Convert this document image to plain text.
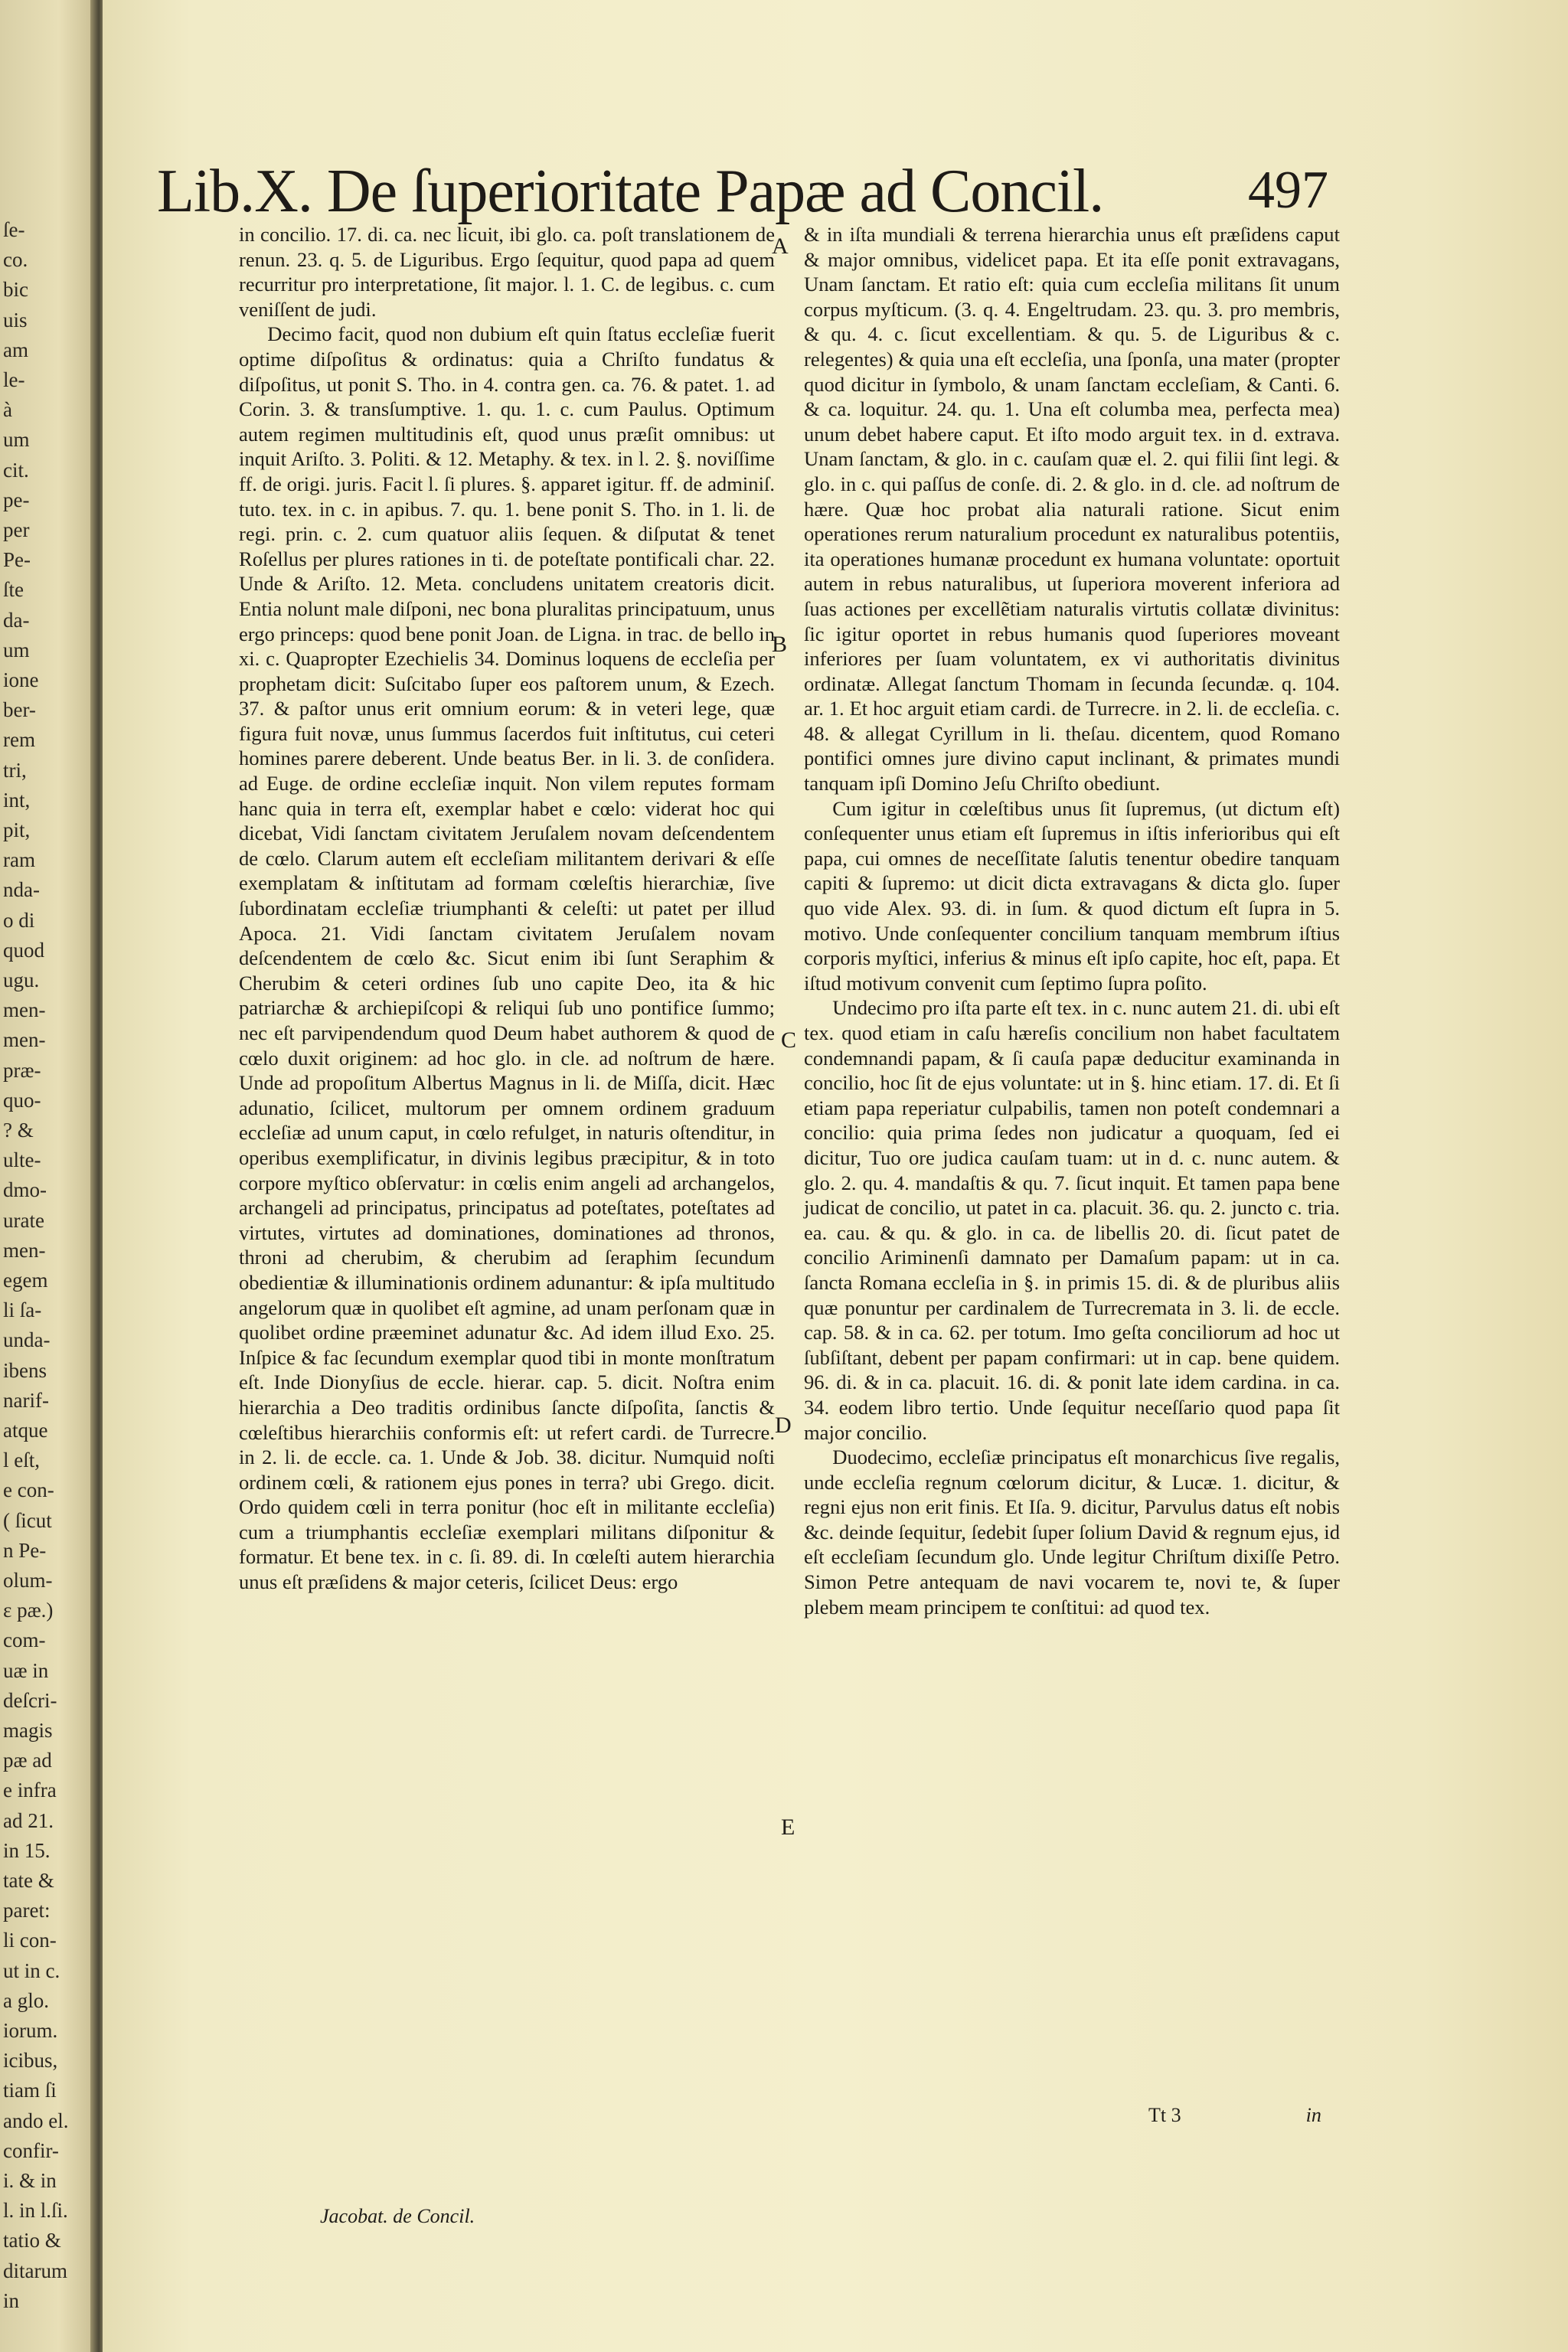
ſe-
co.
bic
uis
am
le-
à
um
cit.
pe-
per
Pe-
ſte
da-
um
ione
ber-
rem
tri,
int,
pit,
ram
nda-
o di
quod
ugu.
men-
men-
præ-
quo-
? &
ulte-
dmo-
urate
men-
egem
li ſa-
unda-
ibens
narif-
atque
l eſt,
e con-
( ſicut
n Pe-
olum-
ɛ pæ.)
com-
uæ in
deſcri-
magis
pæ ad
e infra
ad 21.
in 15.
tate &
paret:
li con-
ut in c.
a glo.
iorum.
icibus,
tiam ſi
ando el.
confir-
i. & in
l. in l.ſi.
tatio &
ditarum
in
Lib.X. De ſuperioritate Papæ ad Concil.	497

in concilio. 17. di. ca. nec licuit, ibi glo. ca. poſt translationem de renun. 23. q. 5. de Liguribus. Ergo ſequitur, quod papa ad quem recurritur pro interpretatione, ſit major. l. 1. C. de legibus. c. cum veniſſent de judi.

Decimo facit, quod non dubium eſt quin ſtatus eccleſiæ fuerit optime diſpoſitus & ordinatus: quia a Chriſto fundatus & diſpoſitus, ut ponit S. Tho. in 4. contra gen. ca. 76. & patet. 1. ad Corin. 3. & transſumptive. 1. qu. 1. c. cum Paulus. Optimum autem regimen multitudinis eſt, quod unus præſit omnibus: ut inquit Ariſto. 3. Politi. & 12. Metaphy. & tex. in l. 2. §. noviſſime ff. de origi. juris. Facit l. ſi plures. §. apparet igitur. ff. de adminiſ. tuto. tex. in c. in apibus. 7. qu. 1. bene ponit S. Tho. in 1. li. de regi. prin. c. 2. cum quatuor aliis ſequen. & diſputat & tenet Roſellus per plures rationes in ti. de poteſtate pontificali char. 22. Unde & Ariſto. 12. Meta. concludens unitatem creatoris dicit. Entia nolunt male diſponi, nec bona pluralitas principatuum, unus ergo princeps: quod bene ponit Joan. de Ligna. in trac. de bello in xi. c. Quapropter Ezechielis 34. Dominus loquens de eccleſia per prophetam dicit: Suſcitabo ſuper eos paſtorem unum, & Ezech. 37. & paſtor unus erit omnium eorum: & in veteri lege, quæ figura fuit novæ, unus ſummus ſacerdos fuit inſtitutus, cui ceteri homines parere deberent. Unde beatus Ber. in li. 3. de conſidera. ad Euge. de ordine eccleſiæ inquit. Non vilem reputes formam hanc quia in terra eſt, exemplar habet e cœlo: viderat hoc qui dicebat, Vidi ſanctam civitatem Jeruſalem novam deſcendentem de cœlo. Clarum autem eſt eccleſiam militantem derivari & eſſe exemplatam & inſtitutam ad formam cœleſtis hierarchiæ, ſive ſubordinatam eccleſiæ triumphanti & celeſti: ut patet per illud Apoca. 21. Vidi ſanctam civitatem Jeruſalem novam deſcendentem de cœlo &c. Sicut enim ibi ſunt Seraphim & Cherubim & ceteri ordines ſub uno capite Deo, ita & hic patriarchæ & archiepiſcopi & reliqui ſub uno pontifice ſummo; nec eſt parvipendendum quod Deum habet authorem & quod de cœlo duxit originem: ad hoc glo. in cle. ad noſtrum de hære. Unde ad propoſitum Albertus Magnus in li. de Miſſa, dicit. Hæc adunatio, ſcilicet, multorum per omnem ordinem graduum eccleſiæ ad unum caput, in cœlo refulget, in naturis oſtenditur, in operibus exemplificatur, in divinis legibus præcipitur, & in toto corpore myſtico obſervatur: in cœlis enim angeli ad archangelos, archangeli ad principatus, principatus ad poteſtates, poteſtates ad virtutes, virtutes ad dominationes, dominationes ad thronos, throni ad cherubim, & cherubim ad ſeraphim ſecundum obedientiæ & illuminationis ordinem adunantur: & ipſa multitudo angelorum quæ in quolibet eſt agmine, ad unam perſonam quæ in quolibet ordine præeminet adunatur &c. Ad idem illud Exo. 25. Inſpice & fac ſecundum exemplar quod tibi in monte monſtratum eſt. Inde Dionyſius de eccle. hierar. cap. 5. dicit. Noſtra enim hierarchia a Deo traditis ordinibus ſancte diſpoſita, ſanctis & cœleſtibus hierarchiis conformis eſt: ut refert cardi. de Turrecre. in 2. li. de eccle. ca. 1. Unde & Job. 38. dicitur. Numquid noſti ordinem cœli, & rationem ejus pones in terra? ubi Grego. dicit. Ordo quidem cœli in terra ponitur (hoc eſt in militante eccleſia) cum a triumphantis eccleſiæ exemplari militans diſponitur & formatur. Et bene tex. in c. ſi. 89. di. In cœleſti autem hierarchia unus eſt præſidens & major ceteris, ſcilicet Deus: ergo

& in iſta mundiali & terrena hierarchia unus eſt præſidens caput & major omnibus, videlicet papa. Et ita eſſe ponit extravagans, Unam ſanctam. Et ratio eſt: quia cum eccleſia militans ſit unum corpus myſticum. (3. q. 4. Engeltrudam. 23. qu. 3. pro membris, & qu. 4. c. ſicut excellentiam. & qu. 5. de Liguribus & c. relegentes) & quia una eſt eccleſia, una ſponſa, una mater (propter quod dicitur in ſymbolo, & unam ſanctam eccleſiam, & Canti. 6. & ca. loquitur. 24. qu. 1. Una eſt columba mea, perfecta mea) unum debet habere caput. Et iſto modo arguit tex. in d. extrava. Unam ſanctam, & glo. in c. cauſam quæ el. 2. qui filii ſint legi. & glo. in c. qui paſſus de conſe. di. 2. & glo. in d. cle. ad noſtrum de hære. Quæ hoc probat alia naturali ratione. Sicut enim operationes rerum naturalium procedunt ex naturalibus potentiis, ita operationes humanæ procedunt ex humana voluntate: oportuit autem in rebus naturalibus, ut ſuperiora moverent inferiora ad ſuas actiones per excellẽtiam naturalis virtutis collatæ divinitus: ſic igitur oportet in rebus humanis quod ſuperiores moveant inferiores per ſuam voluntatem, ex vi authoritatis divinitus ordinatæ. Allegat ſanctum Thomam in ſecunda ſecundæ. q. 104. ar. 1. Et hoc arguit etiam cardi. de Turrecre. in 2. li. de eccleſia. c. 48. & allegat Cyrillum in li. theſau. dicentem, quod Romano pontifici omnes jure divino caput inclinant, & primates mundi tanquam ipſi Domino Jeſu Chriſto obediunt.

Cum igitur in cœleſtibus unus ſit ſupremus, (ut dictum eſt) conſequenter unus etiam eſt ſupremus in iſtis inferioribus qui eſt papa, cui omnes de neceſſitate ſalutis tenentur obedire tanquam capiti & ſupremo: ut dicit dicta extravagans & dicta glo. ſuper quo vide Alex. 93. di. in ſum. & quod dictum eſt ſupra in 5. motivo. Unde conſequenter concilium tanquam membrum iſtius corporis myſtici, inferius & minus eſt ipſo capite, hoc eſt, papa. Et iſtud motivum convenit cum ſeptimo ſupra poſito.

Undecimo pro iſta parte eſt tex. in c. nunc autem 21. di. ubi eſt tex. quod etiam in caſu hæreſis concilium non habet facultatem condemnandi papam, & ſi cauſa papæ deducitur examinanda in concilio, hoc ſit de ejus voluntate: ut in §. hinc etiam. 17. di. Et ſi etiam papa reperiatur culpabilis, tamen non poteſt condemnari a concilio: quia prima ſedes non judicatur a quoquam, ſed ei dicitur, Tuo ore judica cauſam tuam: ut in d. c. nunc autem. & glo. 2. qu. 4. mandaſtis & qu. 7. ſicut inquit. Et tamen papa bene judicat de concilio, ut patet in ca. placuit. 36. qu. 2. juncto c. tria. ea. cau. & qu. & glo. in ca. de libellis 20. di. ſicut patet de concilio Ariminenſi damnato per Damaſum papam: ut in ca. ſancta Romana eccleſia in §. in primis 15. di. & de pluribus aliis quæ ponuntur per cardinalem de Turrecremata in 3. li. de eccle. cap. 58. & in ca. 62. per totum. Imo geſta conciliorum ad hoc ut ſubſiſtant, debent per papam confirmari: ut in cap. bene quidem. 96. di. & in ca. placuit. 16. di. & ponit late idem cardina. in ca. 34. eodem libro tertio. Unde ſequitur neceſſario quod papa ſit major concilio.

Duodecimo, eccleſiæ principatus eſt monarchicus ſive regalis, unde eccleſia regnum cœlorum dicitur, & Lucæ. 1. dicitur, & regni ejus non erit finis. Et Iſa. 9. dicitur, Parvulus datus eſt nobis &c. deinde ſequitur, ſedebit ſuper ſolium David & regnum ejus, id eſt eccleſiam ſecundum glo. Unde legitur Chriſtum dixiſſe Petro. Simon Petre antequam de navi vocarem te, novi te, & ſuper plebem meam principem te conſtitui: ad quod tex.

A
B
C
D
E
Tt 3	in
Jacobat. de Concil.
